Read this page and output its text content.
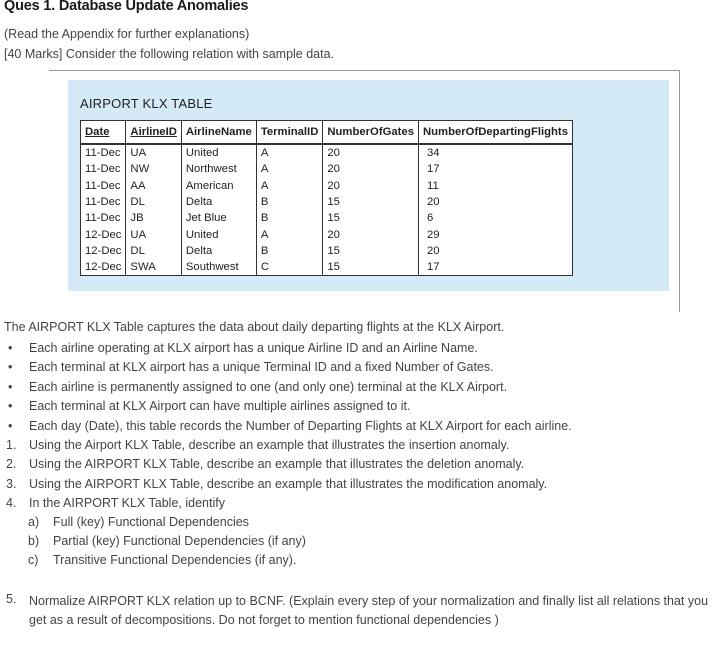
Ques 1. Database Update Anomalies
(Read the Appendix for further explanations)
[40 Marks] Consider the following relation with sample data.
AIRPORT KLX TABLE
Date	AirlineID	AirlineName	TerminalID	NumberOfGates	NumberOfDepartingFlights
11-Dec	UA	United	A	20	34
11-Dec	NW	Northwest	A	20	17
11-Dec	AA	American	A	20	11
11-Dec	DL	Delta	B	15	20
11-Dec	JB	Jet Blue	B	15	6
12-Dec	UA	United	A	20	29
12-Dec	DL	Delta	B	15	20
12-Dec	SWA	Southwest	C	15	17
The AIRPORT KLX Table captures the data about daily departing flights at the KLX Airport.
• Each airline operating at KLX airport has a unique Airline ID and an Airline Name.
• Each terminal at KLX airport has a unique Terminal ID and a fixed Number of Gates.
• Each airline is permanently assigned to one (and only one) terminal at the KLX Airport.
• Each terminal at KLX Airport can have multiple airlines assigned to it.
• Each day (Date), this table records the Number of Departing Flights at KLX Airport for each airline.
1. Using the Airport KLX Table, describe an example that illustrates the insertion anomaly.
2. Using the AIRPORT KLX Table, describe an example that illustrates the deletion anomaly.
3. Using the AIRPORT KLX Table, describe an example that illustrates the modification anomaly.
4. In the AIRPORT KLX Table, identify
a) Full (key) Functional Dependencies
b) Partial (key) Functional Dependencies (if any)
c) Transitive Functional Dependencies (if any).
5. Normalize AIRPORT KLX relation up to BCNF. (Explain every step of your normalization and finally list all relations that you get as a result of decompositions. Do not forget to mention functional dependencies )
